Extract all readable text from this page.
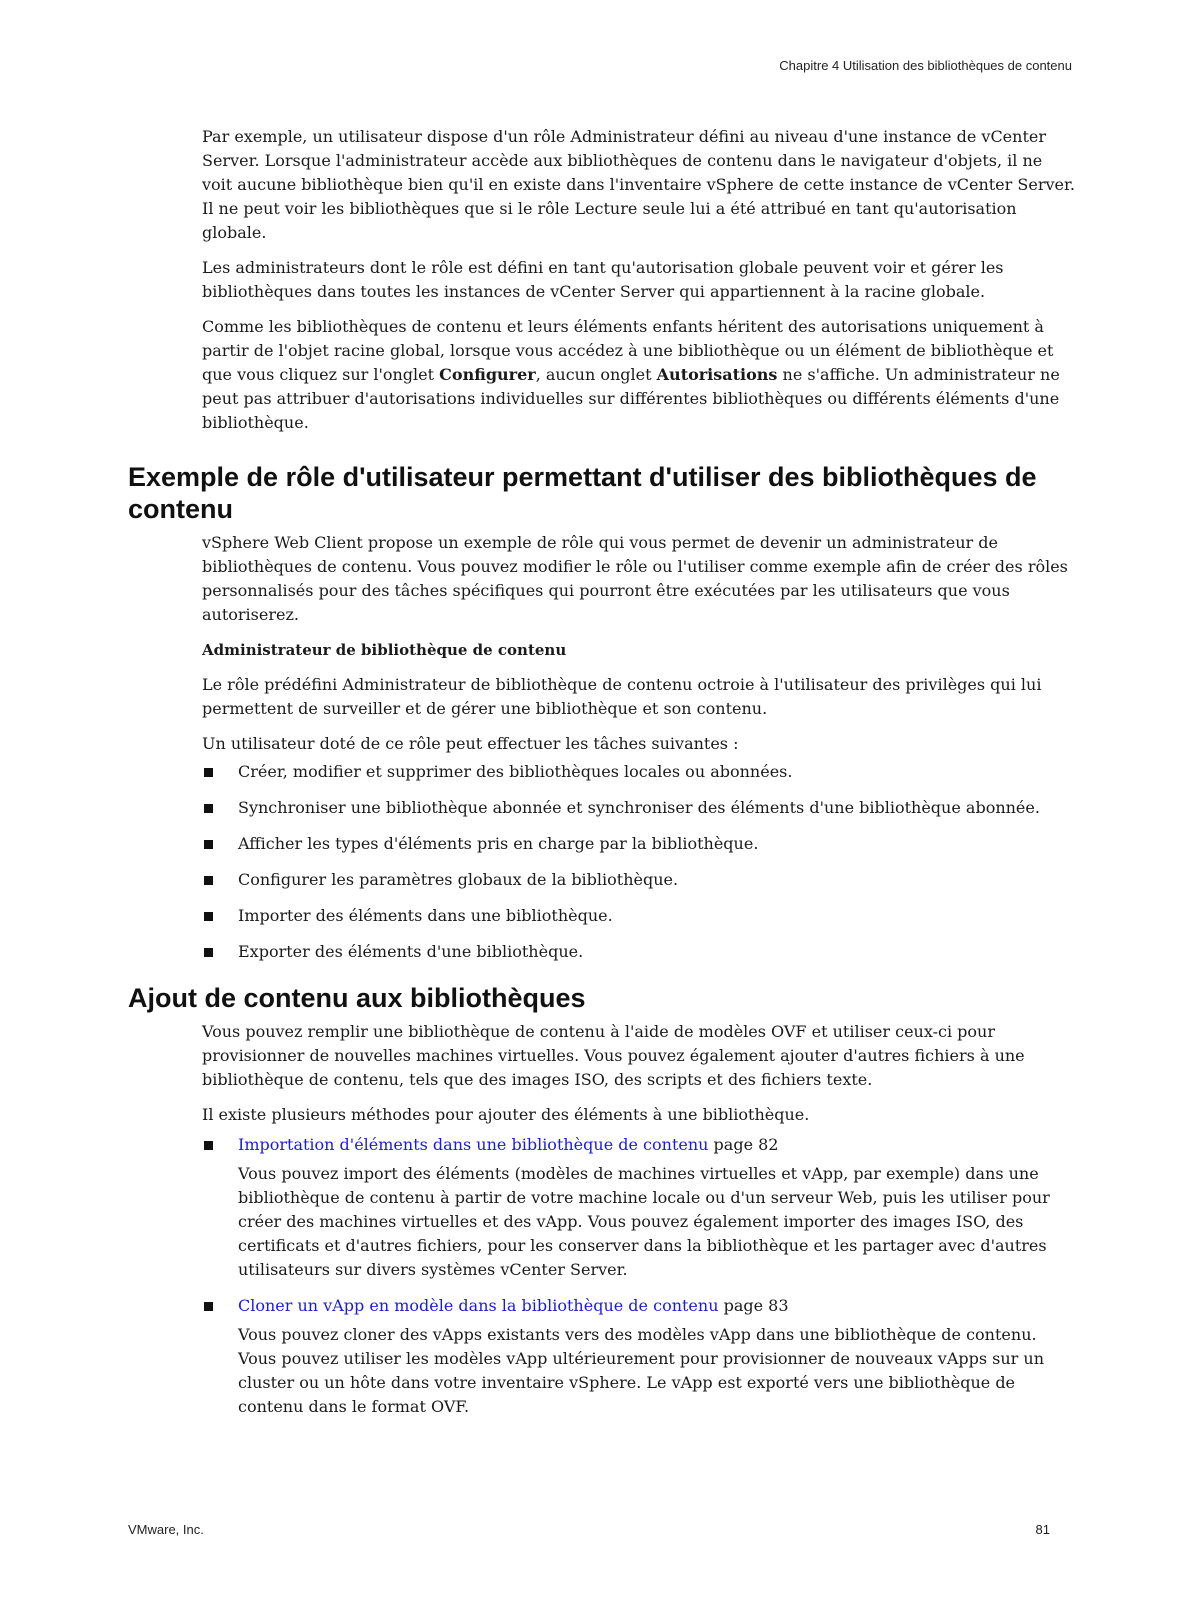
Chapitre 4 Utilisation des bibliothèques de contenu

Par exemple, un utilisateur dispose d'un rôle Administrateur défini au niveau d'une instance de vCenter Server. Lorsque l'administrateur accède aux bibliothèques de contenu dans le navigateur d'objets, il ne voit aucune bibliothèque bien qu'il en existe dans l'inventaire vSphere de cette instance de vCenter Server. Il ne peut voir les bibliothèques que si le rôle Lecture seule lui a été attribué en tant qu'autorisation globale.

Les administrateurs dont le rôle est défini en tant qu'autorisation globale peuvent voir et gérer les bibliothèques dans toutes les instances de vCenter Server qui appartiennent à la racine globale.

Comme les bibliothèques de contenu et leurs éléments enfants héritent des autorisations uniquement à partir de l'objet racine global, lorsque vous accédez à une bibliothèque ou un élément de bibliothèque et que vous cliquez sur l'onglet Configurer, aucun onglet Autorisations ne s'affiche. Un administrateur ne peut pas attribuer d'autorisations individuelles sur différentes bibliothèques ou différents éléments d'une bibliothèque.

Exemple de rôle d'utilisateur permettant d'utiliser des bibliothèques de contenu

vSphere Web Client propose un exemple de rôle qui vous permet de devenir un administrateur de bibliothèques de contenu. Vous pouvez modifier le rôle ou l'utiliser comme exemple afin de créer des rôles personnalisés pour des tâches spécifiques qui pourront être exécutées par les utilisateurs que vous autoriserez.

Administrateur de bibliothèque de contenu

Le rôle prédéfini Administrateur de bibliothèque de contenu octroie à l'utilisateur des privilèges qui lui permettent de surveiller et de gérer une bibliothèque et son contenu.

Un utilisateur doté de ce rôle peut effectuer les tâches suivantes :

Créer, modifier et supprimer des bibliothèques locales ou abonnées.
Synchroniser une bibliothèque abonnée et synchroniser des éléments d'une bibliothèque abonnée.
Afficher les types d'éléments pris en charge par la bibliothèque.
Configurer les paramètres globaux de la bibliothèque.
Importer des éléments dans une bibliothèque.
Exporter des éléments d'une bibliothèque.
Ajout de contenu aux bibliothèques

Vous pouvez remplir une bibliothèque de contenu à l'aide de modèles OVF et utiliser ceux-ci pour provisionner de nouvelles machines virtuelles. Vous pouvez également ajouter d'autres fichiers à une bibliothèque de contenu, tels que des images ISO, des scripts et des fichiers texte.

Il existe plusieurs méthodes pour ajouter des éléments à une bibliothèque.

Importation d'éléments dans une bibliothèque de contenu page 82

Vous pouvez import des éléments (modèles de machines virtuelles et vApp, par exemple) dans une bibliothèque de contenu à partir de votre machine locale ou d'un serveur Web, puis les utiliser pour créer des machines virtuelles et des vApp. Vous pouvez également importer des images ISO, des certificats et d'autres fichiers, pour les conserver dans la bibliothèque et les partager avec d'autres utilisateurs sur divers systèmes vCenter Server.

Cloner un vApp en modèle dans la bibliothèque de contenu page 83

Vous pouvez cloner des vApps existants vers des modèles vApp dans une bibliothèque de contenu. Vous pouvez utiliser les modèles vApp ultérieurement pour provisionner de nouveaux vApps sur un cluster ou un hôte dans votre inventaire vSphere. Le vApp est exporté vers une bibliothèque de contenu dans le format OVF.

VMware, Inc.	81
